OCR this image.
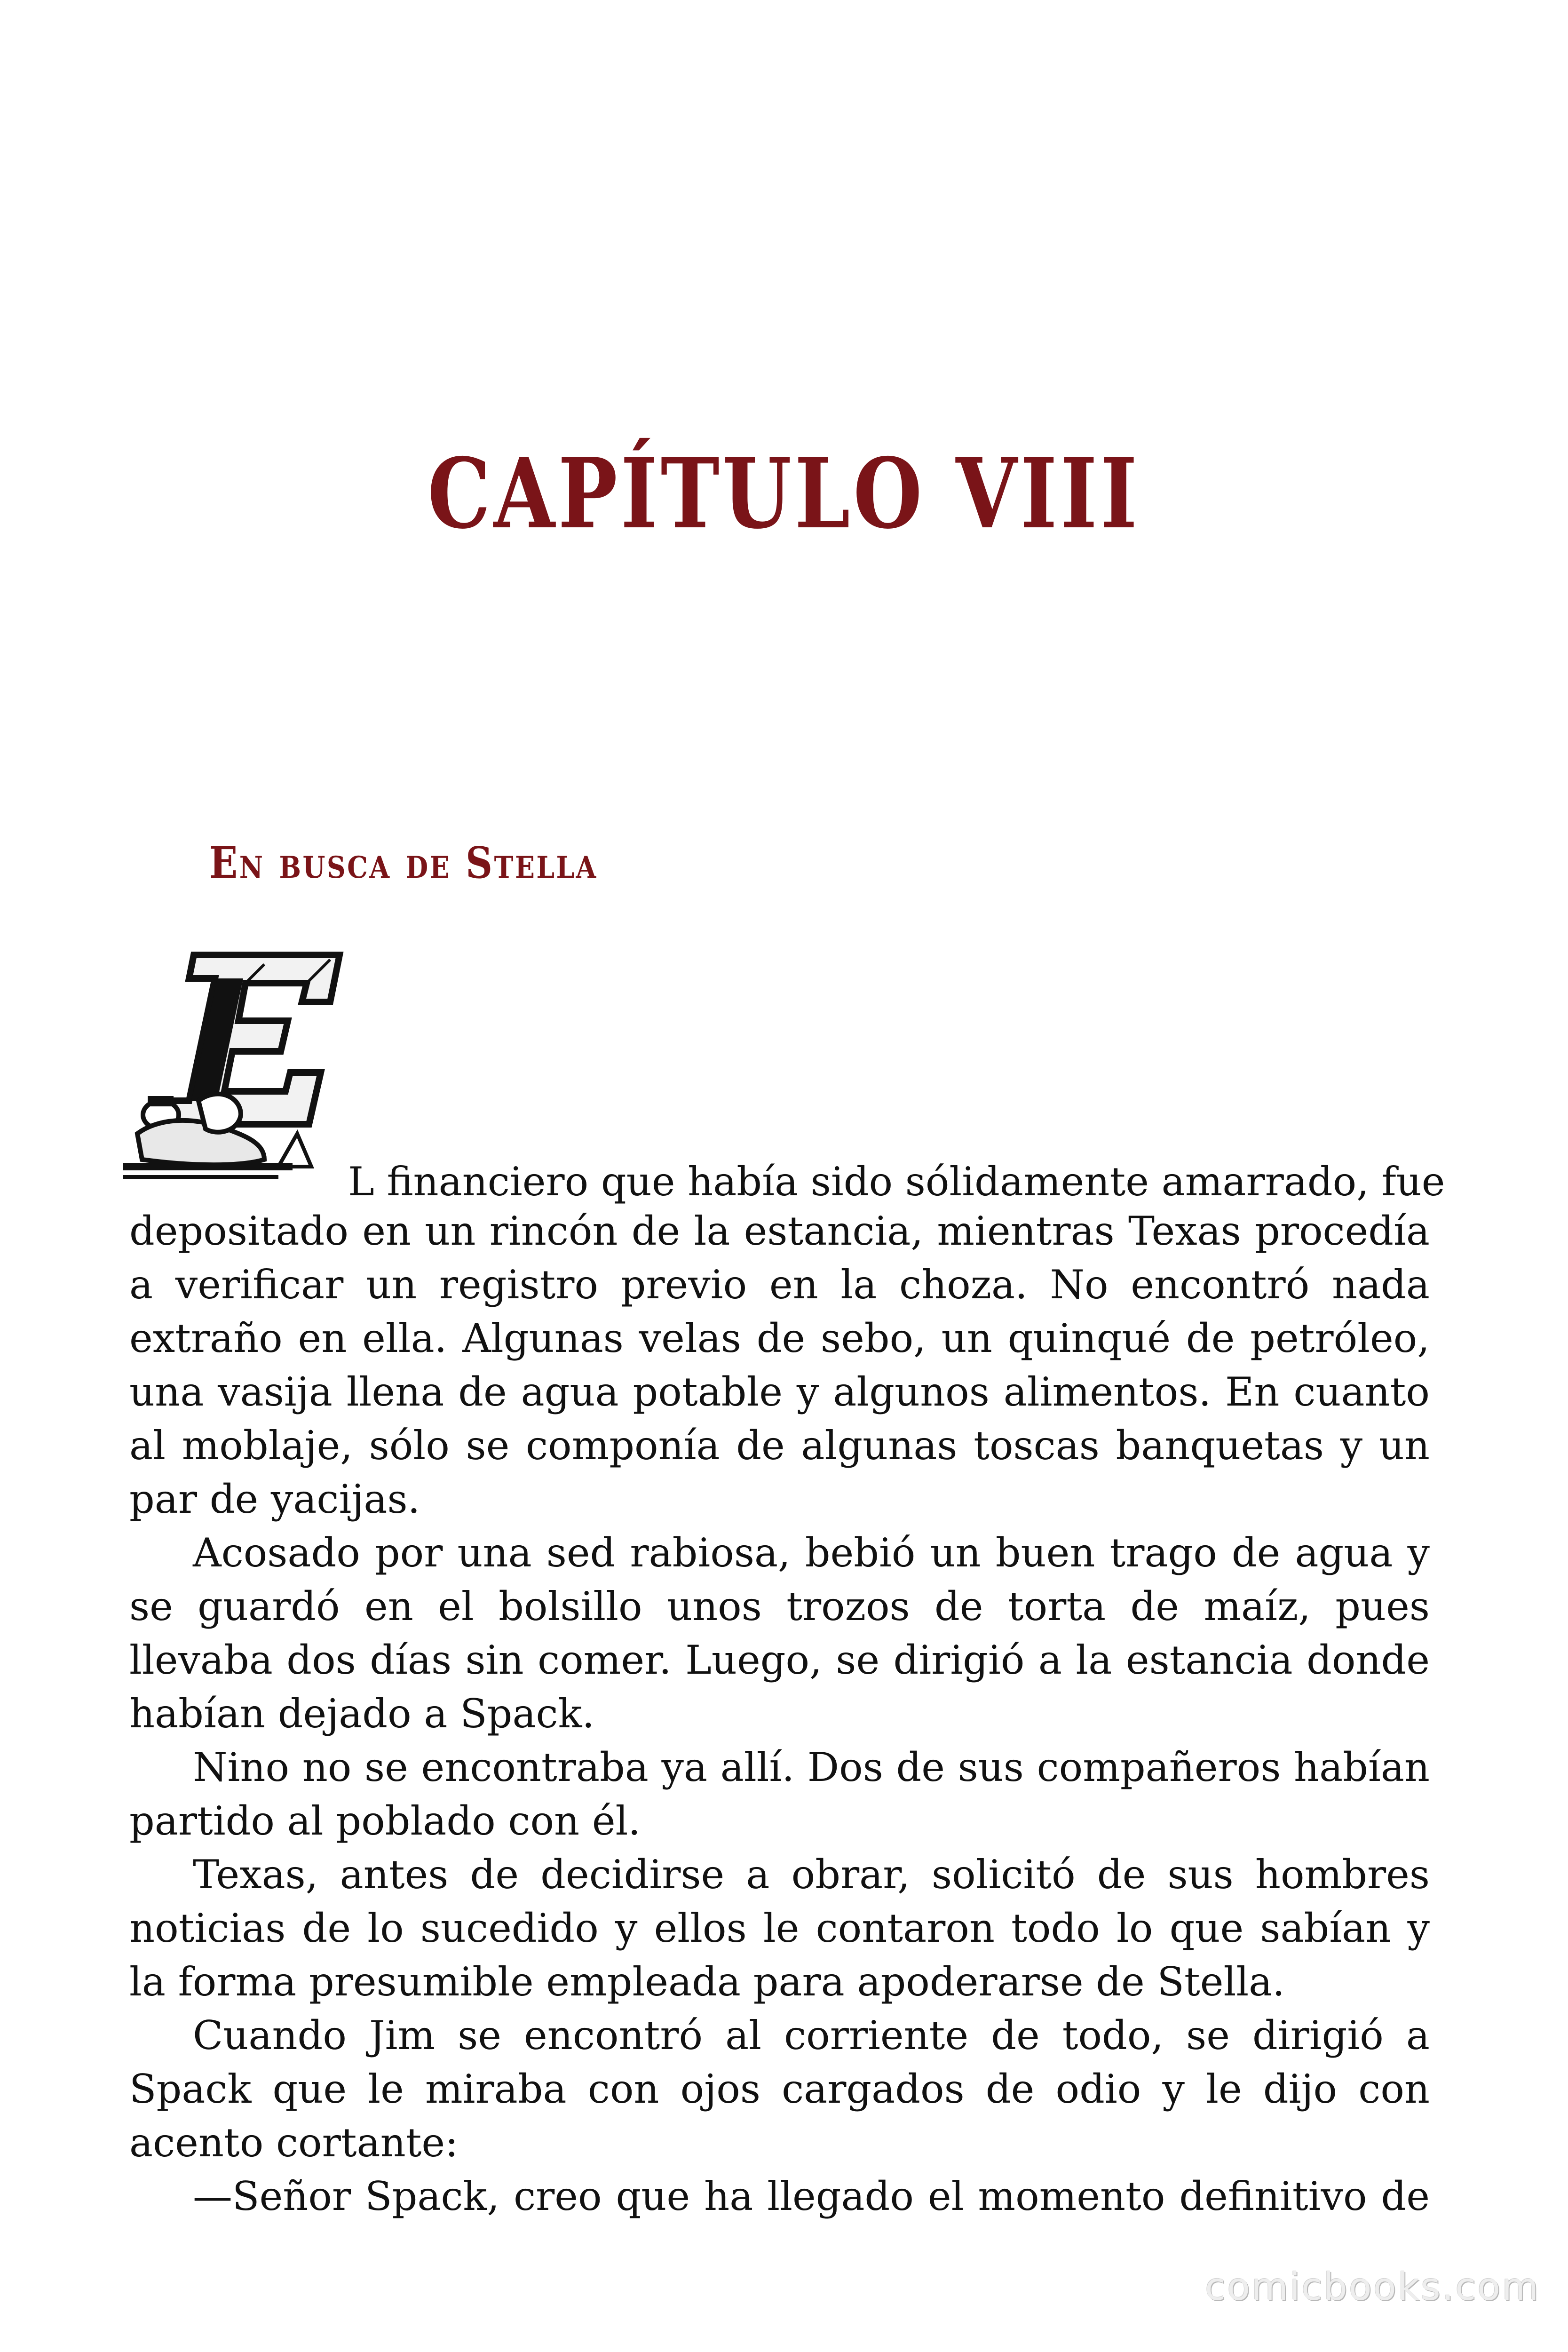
CAPÍTULO VIII
En busca de Stella
L financiero que había sido sólidamente amarrado, fue

depositado en un rincón de la estancia, mientras Texas procedía a verificar un registro previo en la choza. No encontró nada extraño en ella. Algunas velas de sebo, un quinqué de petróleo, una vasija llena de agua potable y algunos alimentos. En cuanto al moblaje, sólo se componía de algunas toscas banquetas y un par de yacijas.

Acosado por una sed rabiosa, bebió un buen trago de agua y se guardó en el bolsillo unos trozos de torta de maíz, pues llevaba dos días sin comer. Luego, se dirigió a la estancia donde habían dejado a Spack.

Nino no se encontraba ya allí. Dos de sus compañeros habían partido al poblado con él.

Texas, antes de decidirse a obrar, solicitó de sus hombres noticias de lo sucedido y ellos le contaron todo lo que sabían y la forma presumible empleada para apoderarse de Stella.

Cuando Jim se encontró al corriente de todo, se dirigió a Spack que le miraba con ojos cargados de odio y le dijo con acento cortante:

—Señor Spack, creo que ha llegado el momento definitivo de

comicbooks.com
